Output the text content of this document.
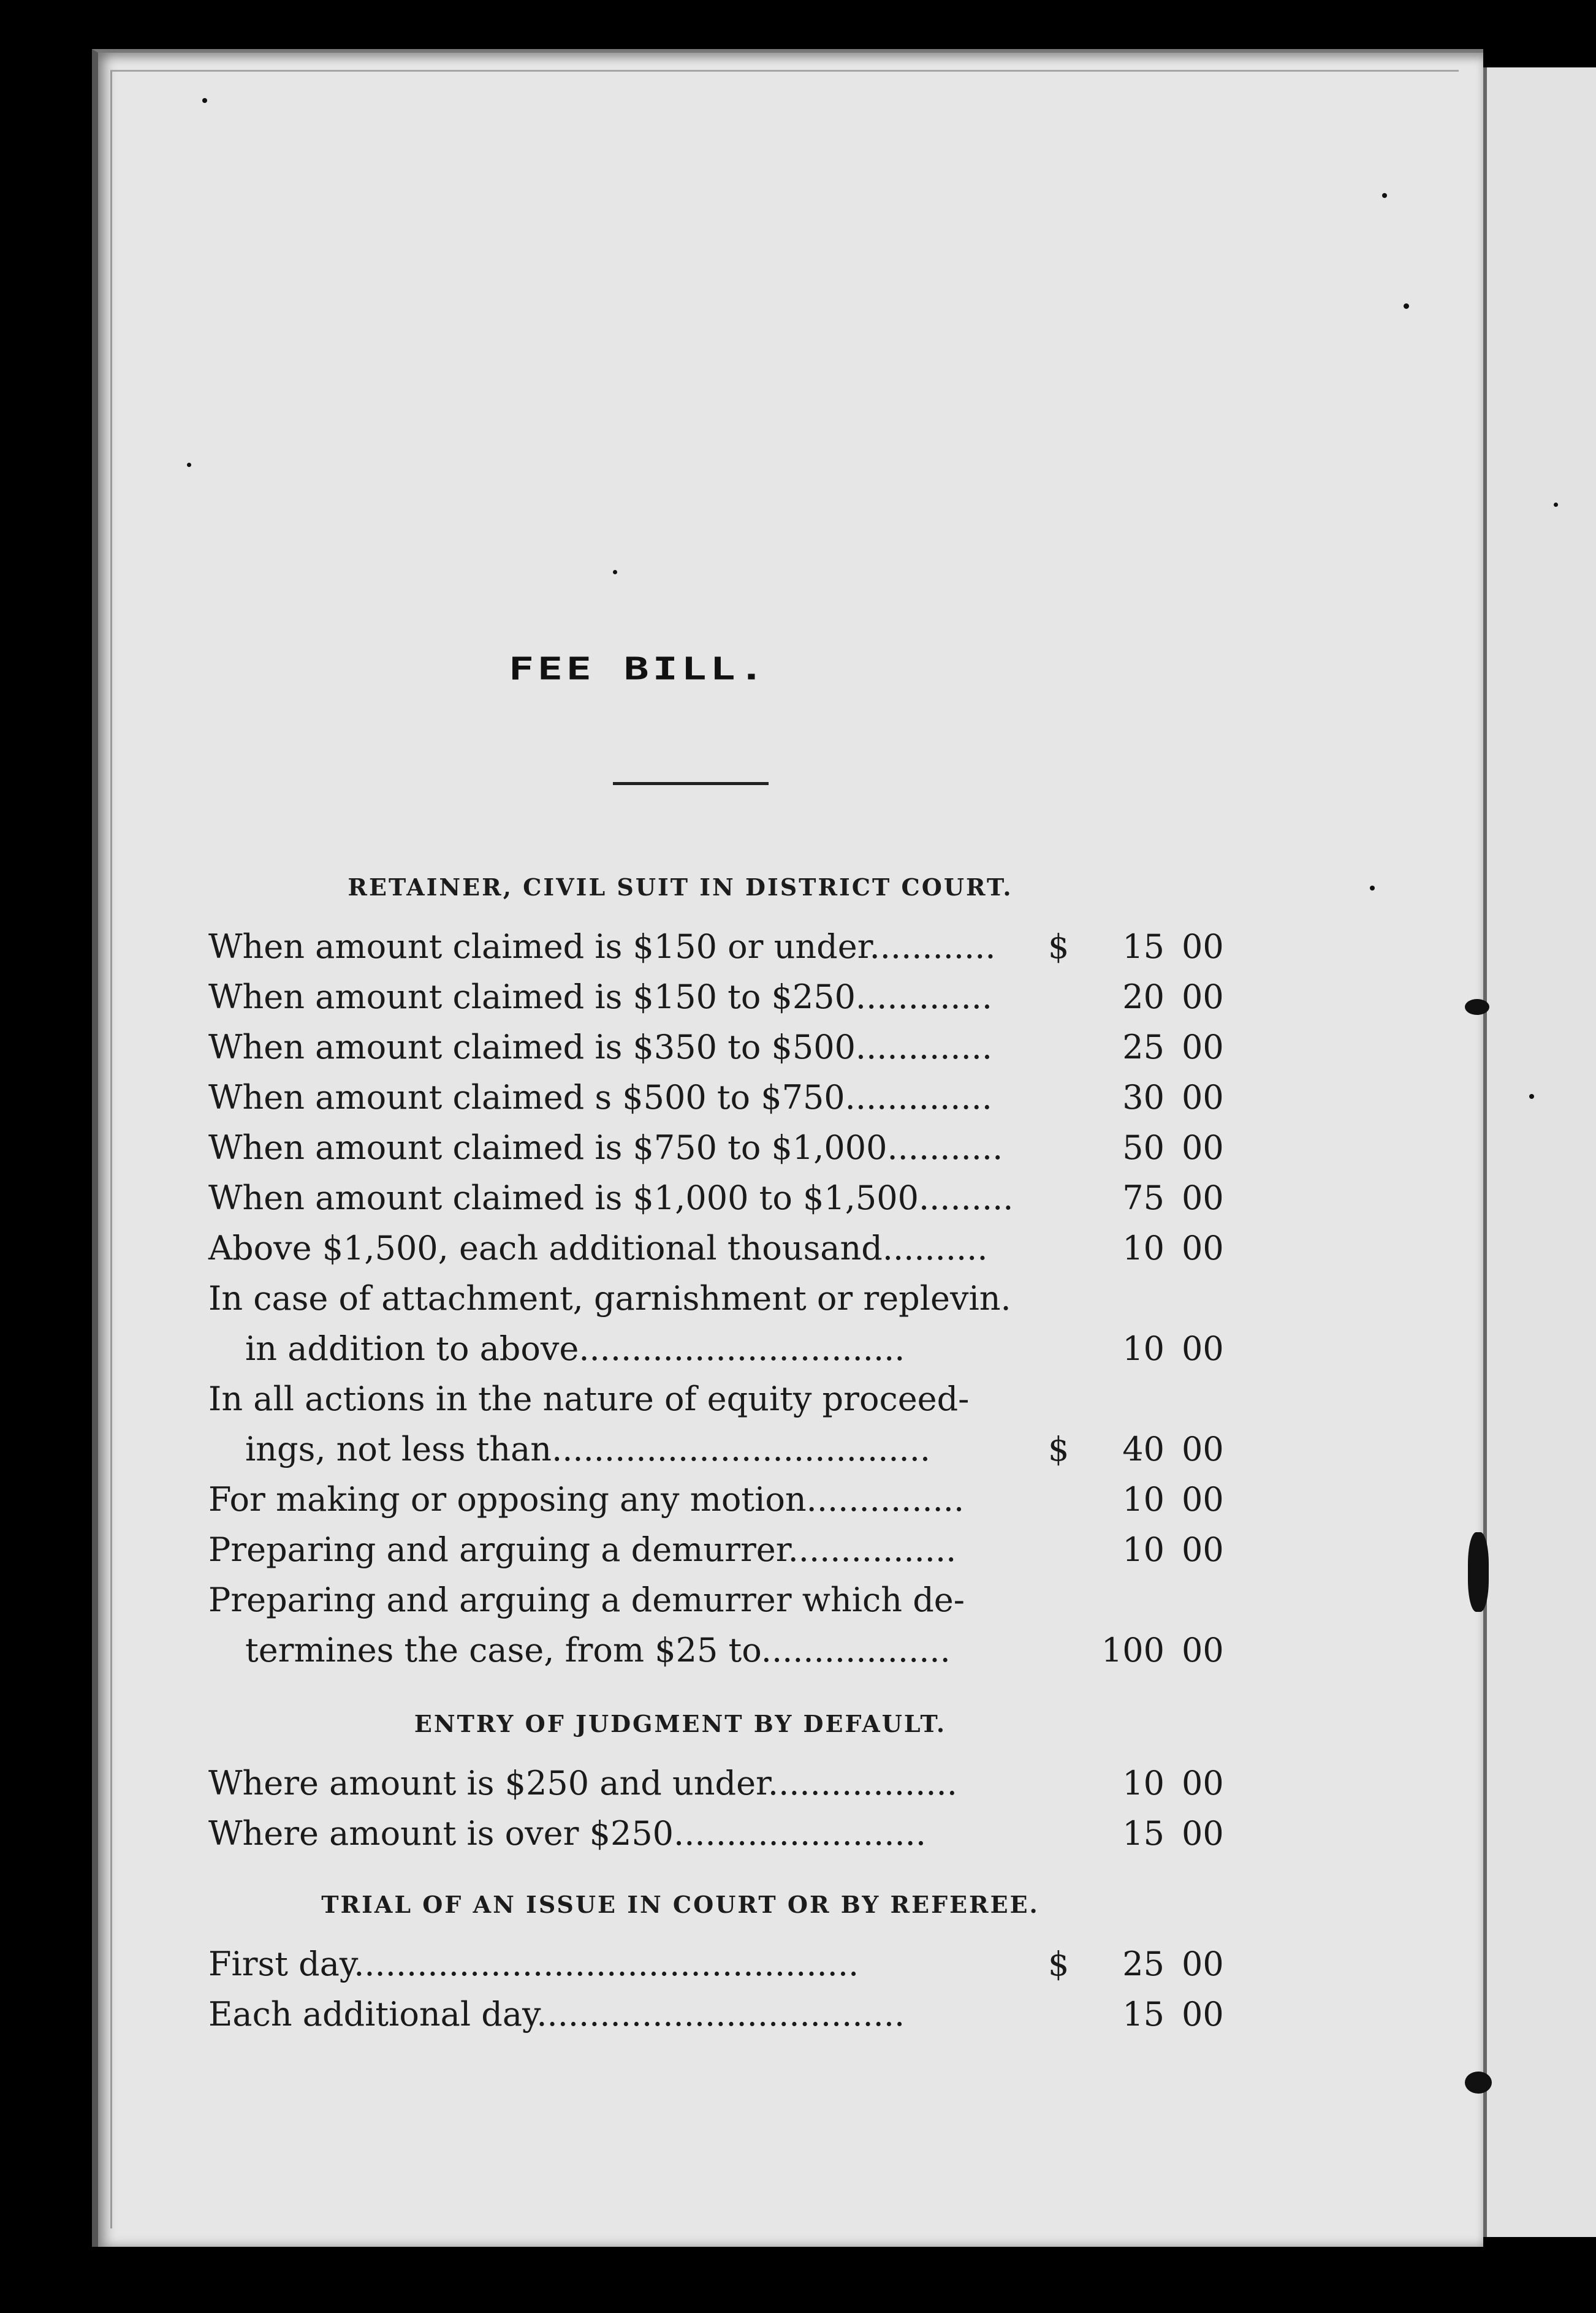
FEE BILL.
RETAINER, CIVIL SUIT IN DISTRICT COURT.
When amount claimed is $150 or under............ $	15 00
When amount claimed is $150 to $250.............	20 00
When amount claimed is $350 to $500.............	25 00
When amount claimed s $500 to $750..............	30 00
When amount claimed is $750 to $1,000...........	50 00
When amount claimed is $1,000 to $1,500.........	75 00
Above $1,500, each additional thousand..........	10 00
In case of attachment, garnishment or replevin.
in addition to above...............................	10 00
In all actions in the nature of equity proceed-
ings, not less than....................................	$	40 00
For making or opposing any motion...............	10 00
Preparing and arguing a demurrer................	10 00
Preparing and arguing a demurrer which de-
termines the case, from $25 to..................	100 00
ENTRY OF JUDGMENT BY DEFAULT.
Where amount is $250 and under..................	10 00
Where amount is over $250........................	15 00
TRIAL OF AN ISSUE IN COURT OR BY REFEREE.
First day................................................	$	25 00
Each additional day...................................	15 00
